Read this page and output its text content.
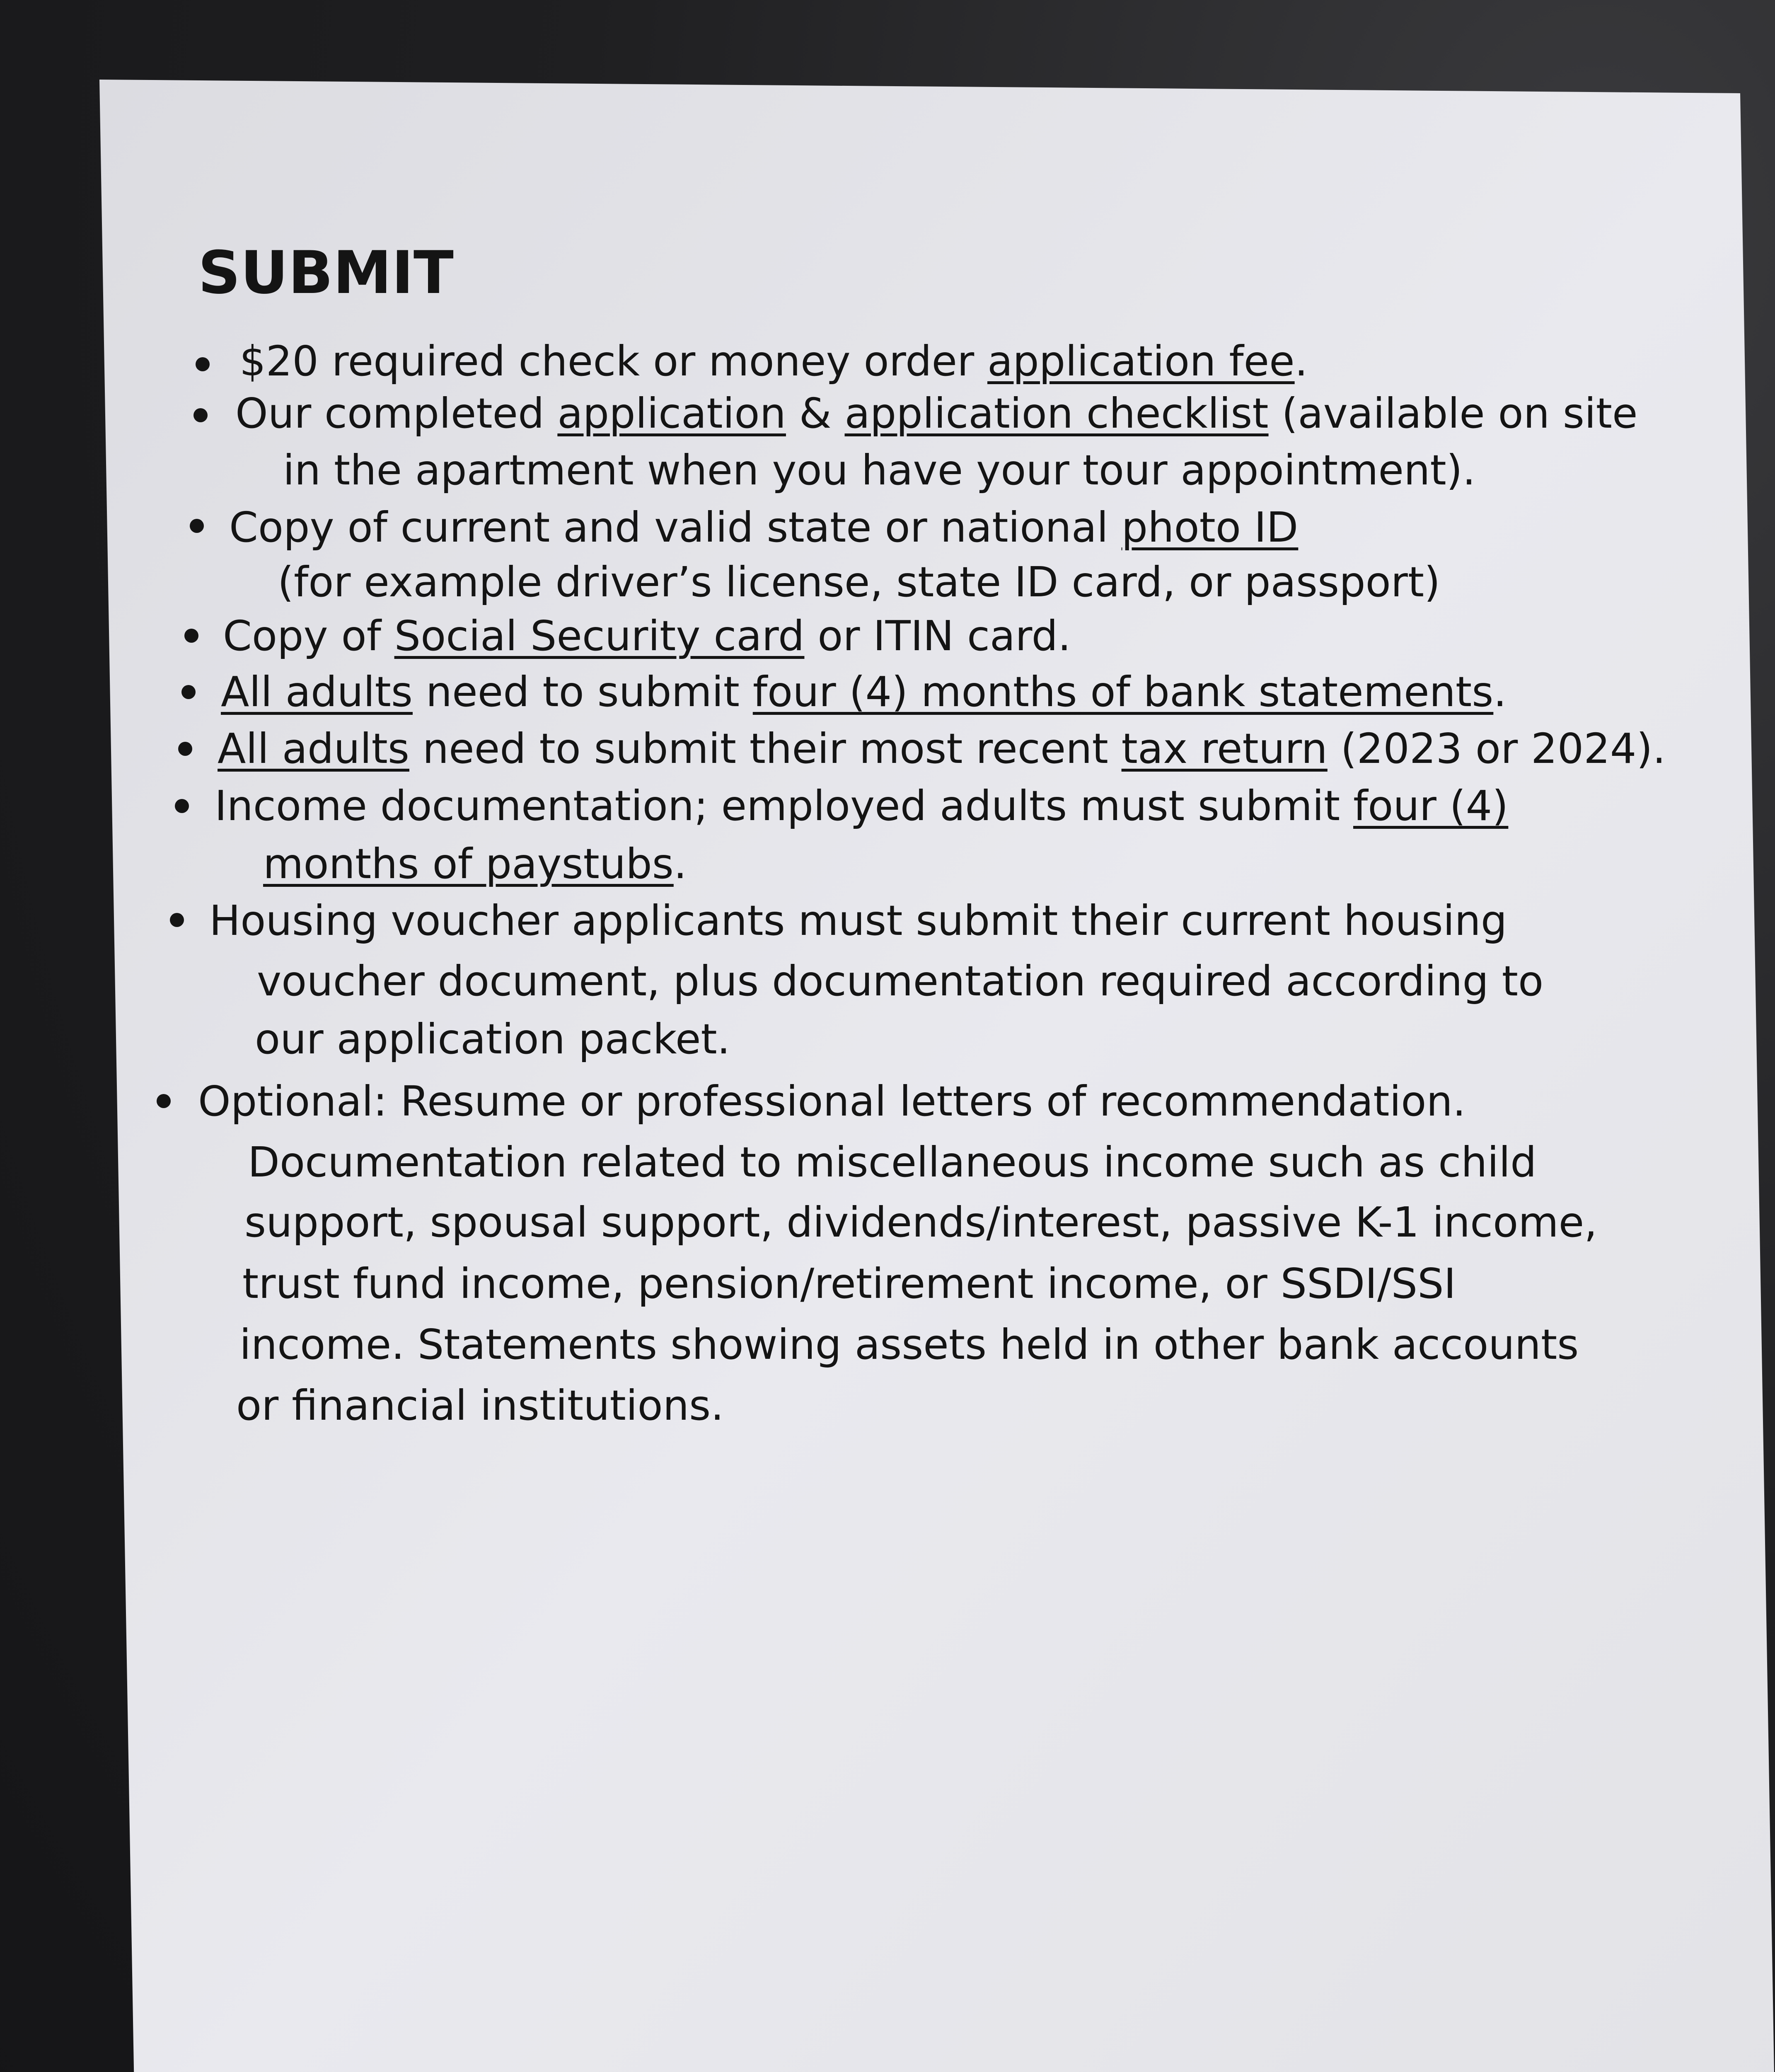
SUBMIT
$20 required check or money order application fee.
Our completed application & application checklist (available on site
in the apartment when you have your tour appointment).
Copy of current and valid state or national photo ID
(for example driver’s license, state ID card, or passport)
Copy of Social Security card or ITIN card.
All adults need to submit four (4) months of bank statements.
All adults need to submit their most recent tax return (2023 or 2024).
Income documentation; employed adults must submit four (4)
months of paystubs.
Housing voucher applicants must submit their current housing
voucher document, plus documentation required according to
our application packet.
Optional: Resume or professional letters of recommendation.
Documentation related to miscellaneous income such as child
support, spousal support, dividends/interest, passive K-1 income,
trust fund income, pension/retirement income, or SSDI/SSI
income. Statements showing assets held in other bank accounts
or financial institutions.
